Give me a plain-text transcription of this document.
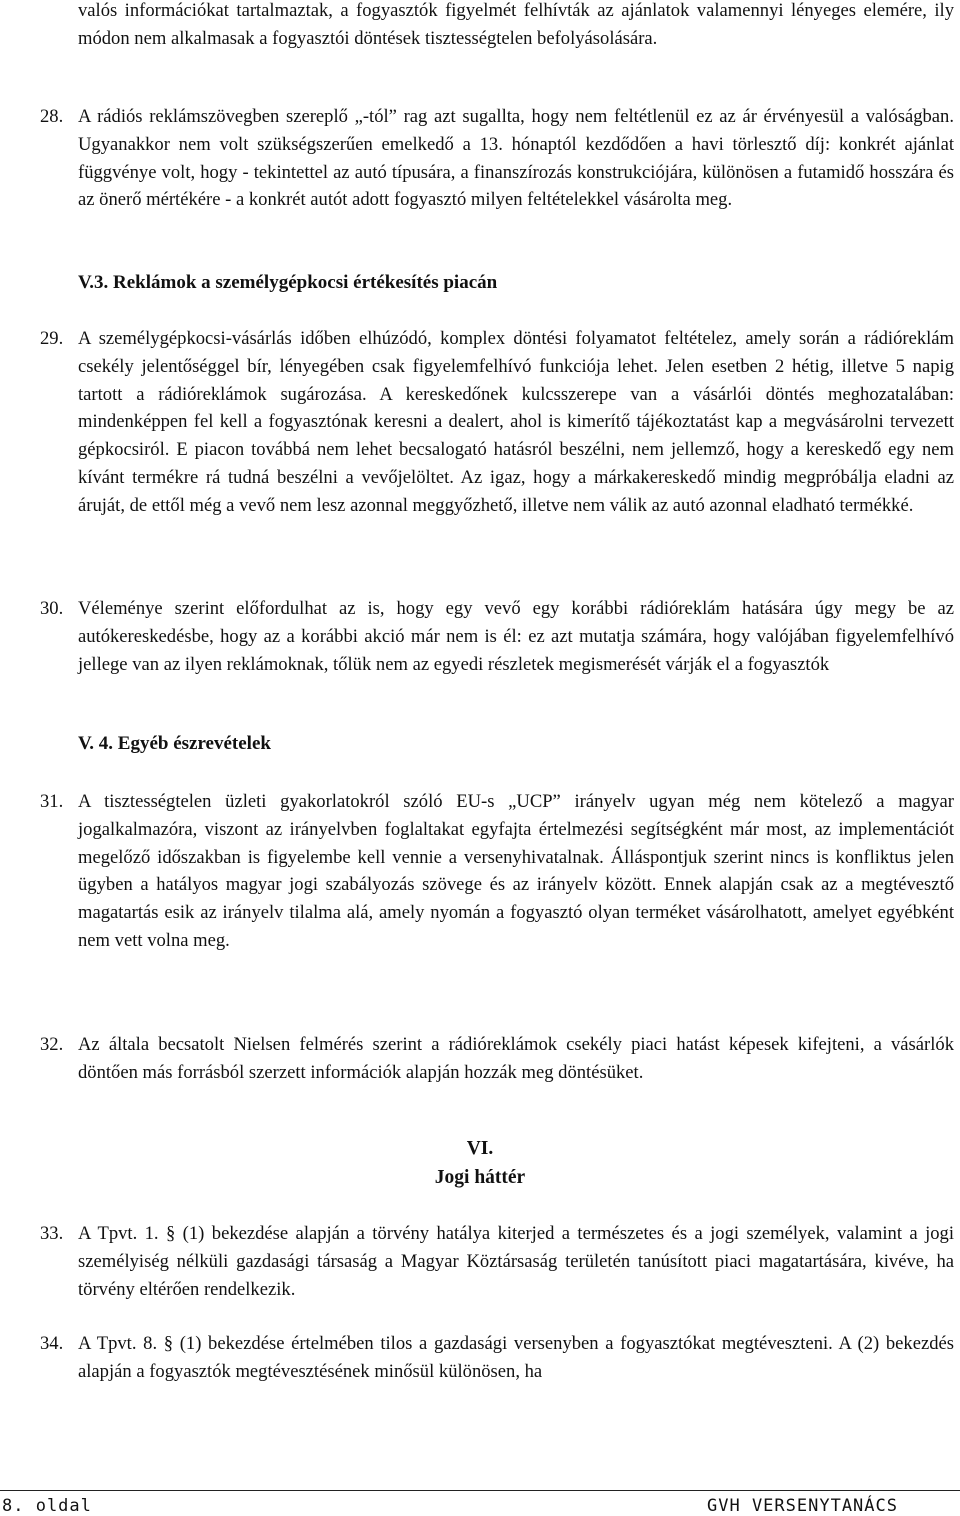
valós információkat tartalmaztak, a fogyasztók figyelmét felhívták az ajánlatok valamennyi lényeges elemére, ily módon nem alkalmasak a fogyasztói döntések tisztességtelen befolyásolására.

28. A rádiós reklámszövegben szereplő „-tól” rag azt sugallta, hogy nem feltétlenül ez az ár érvényesül a valóságban. Ugyanakkor nem volt szükségszerűen emelkedő a 13. hónaptól kezdődően a havi törlesztő díj: konkrét ajánlat függvénye volt, hogy - tekintettel az autó típusára, a finanszírozás konstrukciójára, különösen a futamidő hosszára és az önerő mértékére - a konkrét autót adott fogyasztó milyen feltételekkel vásárolta meg.

V.3. Reklámok a személygépkocsi értékesítés piacán

29. A személygépkocsi-vásárlás időben elhúzódó, komplex döntési folyamatot feltételez, amely során a rádióreklám csekély jelentőséggel bír, lényegében csak figyelemfelhívó funkciója lehet. Jelen esetben 2 hétig, illetve 5 napig tartott a rádióreklámok sugározása. A kereskedőnek kulcsszerepe van a vásárlói döntés meghozatalában: mindenképpen fel kell a fogyasztónak keresni a dealert, ahol is kimerítő tájékoztatást kap a megvásárolni tervezett gépkocsiról. E piacon továbbá nem lehet becsalogató hatásról beszélni, nem jellemző, hogy a kereskedő egy nem kívánt termékre rá tudná beszélni a vevőjelöltet. Az igaz, hogy a márkakereskedő mindig megpróbálja eladni az áruját, de ettől még a vevő nem lesz azonnal meggyőzhető, illetve nem válik az autó azonnal eladható termékké.
30. Véleménye szerint előfordulhat az is, hogy egy vevő egy korábbi rádióreklám hatására úgy megy be az autókereskedésbe, hogy az a korábbi akció már nem is él: ez azt mutatja számára, hogy valójában figyelemfelhívó jellege van az ilyen reklámoknak, tőlük nem az egyedi részletek megismerését várják el a fogyasztók

V. 4. Egyéb észrevételek

31. A tisztességtelen üzleti gyakorlatokról szóló EU-s „UCP” irányelv ugyan még nem kötelező a magyar jogalkalmazóra, viszont az irányelvben foglaltakat egyfajta értelmezési segítségként már most, az implementációt megelőző időszakban is figyelembe kell vennie a versenyhivatalnak. Álláspontjuk szerint nincs is konfliktus jelen ügyben a hatályos magyar jogi szabályozás szövege és az irányelv között. Ennek alapján csak az a megtévesztő magatartás esik az irányelv tilalma alá, amely nyomán a fogyasztó olyan terméket vásárolhatott, amelyet egyébként nem vett volna meg.
32. Az általa becsatolt Nielsen felmérés szerint a rádióreklámok csekély piaci hatást képesek kifejteni, a vásárlók döntően más forrásból szerzett információk alapján hozzák meg döntésüket.

VI.

Jogi háttér

33. A Tpvt. 1. § (1) bekezdése alapján a törvény hatálya kiterjed a természetes és a jogi személyek, valamint a jogi személyiség nélküli gazdasági társaság a Magyar Köztársaság területén tanúsított piaci magatartására, kivéve, ha törvény eltérően rendelkezik.
34. A Tpvt. 8. § (1) bekezdése értelmében tilos a gazdasági versenyben a fogyasztókat megtéveszteni. A (2) bekezdés alapján a fogyasztók megtévesztésének minősül különösen, ha
8. oldal	GVH VERSENYTANÁCS
